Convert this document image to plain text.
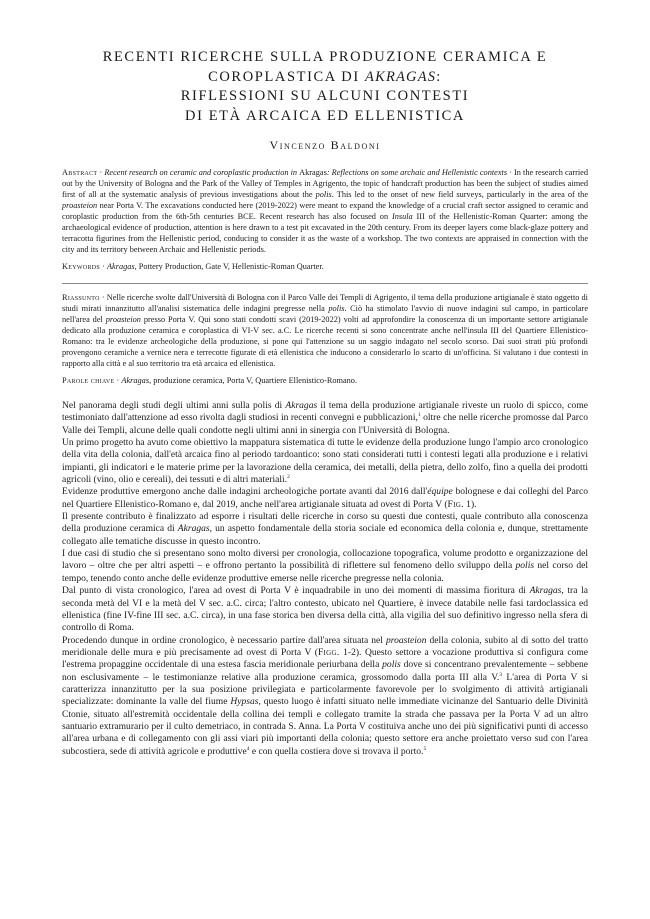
RECENTI RICERCHE SULLA PRODUZIONE CERAMICA E
COROPLASTICA DI AKRAGAS:
RIFLESSIONI SU ALCUNI CONTESTI
DI ETÀ ARCAICA ED ELLENISTICA
Vincenzo Baldoni

Abstract · Recent research on ceramic and coroplastic production in Akragas: Reflections on some archaic and Hellenistic contexts · In the research carried out by the University of Bologna and the Park of the Valley of Temples in Agrigento, the topic of handcraft production has been the subject of studies aimed first of all at the systematic analysis of previous investigations about the polis. This led to the onset of new field surveys, particularly in the area of the proasteion near Porta V. The excavations conducted here (2019-2022) were meant to expand the knowledge of a crucial craft sector assigned to ceramic and coroplastic production from the 6th-5th centuries BCE. Recent research has also focused on Insula III of the Hellenistic-Roman Quarter: among the archaeological evidence of production, attention is here drawn to a test pit excavated in the 20th century. From its deeper layers come black-glaze pottery and terracotta figurines from the Hellenistic period, conducing to consider it as the waste of a workshop. The two contexts are appraised in connection with the city and its territory between Archaic and Hellenistic periods.

Keywords · Akragas, Pottery Production, Gate V, Hellenistic-Roman Quarter.

Riassunto · Nelle ricerche svolte dall'Università di Bologna con il Parco Valle dei Templi di Agrigento, il tema della produzione artigianale è stato oggetto di studi mirati innanzitutto all'analisi sistematica delle indagini pregresse nella polis. Ciò ha stimolato l'avvio di nuove indagini sul campo, in particolare nell'area del proasteion presso Porta V. Qui sono stati condotti scavi (2019-2022) volti ad approfondire la conoscenza di un importante settore artigianale dedicato alla produzione ceramica e coroplastica di VI-V sec. a.C. Le ricerche recenti si sono concentrate anche nell'insula III del Quartiere Ellenistico-Romano: tra le evidenze archeologiche della produzione, si pone qui l'attenzione su un saggio indagato nel secolo scorso. Dai suoi strati più profondi provengono ceramiche a vernice nera e terrecotte figurate di età ellenistica che inducono a considerarlo lo scarto di un'officina. Si valutano i due contesti in rapporto alla città e al suo territorio tra età arcaica ed ellenistica.

Parole chiave · Akragas, produzione ceramica, Porta V, Quartiere Ellenistico-Romano.

Nel panorama degli studi degli ultimi anni sulla polis di Akragas il tema della produzione artigianale riveste un ruolo di spicco, come testimoniato dall'attenzione ad esso rivolta dagli studiosi in recenti convegni e pubblicazioni,$^1$ oltre che nelle ricerche promosse dal Parco Valle dei Templi, alcune delle quali condotte negli ultimi anni in sinergia con l'Università di Bologna.

Un primo progetto ha avuto come obiettivo la mappatura sistematica di tutte le evidenze della produzione lungo l'ampio arco cronologico della vita della colonia, dall'età arcaica fino al periodo tardoantico: sono stati considerati tutti i contesti legati alla produzione e i relativi impianti, gli indicatori e le materie prime per la lavorazione della ceramica, dei metalli, della pietra, dello zolfo, fino a quella dei prodotti agricoli (vino, olio e cereali), dei tessuti e di altri materiali.$^2$

Evidenze produttive emergono anche dalle indagini archeologiche portate avanti dal 2016 dall'équipe bolognese e dai colleghi del Parco nel Quartiere Ellenistico-Romano e, dal 2019, anche nell'area artigianale situata ad ovest di Porta V (Fig. 1).

Il presente contributo è finalizzato ad esporre i risultati delle ricerche in corso su questi due contesti, quale contributo alla conoscenza della produzione ceramica di Akragas, un aspetto fondamentale della storia sociale ed economica della colonia e, dunque, strettamente collegato alle tematiche discusse in questo incontro.

I due casi di studio che si presentano sono molto diversi per cronologia, collocazione topografica, volume prodotto e organizzazione del lavoro – oltre che per altri aspetti – e offrono pertanto la possibilità di riflettere sul fenomeno dello sviluppo della polis nel corso del tempo, tenendo conto anche delle evidenze produttive emerse nelle ricerche pregresse nella colonia.

Dal punto di vista cronologico, l'area ad ovest di Porta V è inquadrabile in uno dei momenti di massima fioritura di Akragas, tra la seconda metà del VI e la metà del V sec. a.C. circa; l'altro contesto, ubicato nel Quartiere, è invece databile nelle fasi tardoclassica ed ellenistica (fine IV-fine III sec. a.C. circa), in una fase storica ben diversa della città, alla vigilia del suo definitivo ingresso nella sfera di controllo di Roma.

Procedendo dunque in ordine cronologico, è necessario partire dall'area situata nel proasteion della colonia, subito al di sotto del tratto meridionale delle mura e più precisamente ad ovest di Porta V (Figg. 1-2). Questo settore a vocazione produttiva si configura come l'estrema propaggine occidentale di una estesa fascia meridionale periurbana della polis dove si concentrano prevalentemente – sebbene non esclusivamente – le testimonianze relative alla produzione ceramica, grossomodo dalla porta III alla V.$^3$ L'area di Porta V si caratterizza innanzitutto per la sua posizione privilegiata e particolarmente favorevole per lo svolgimento di attività artigianali specializzate: dominante la valle del fiume Hypsas, questo luogo è infatti situato nelle immediate vicinanze del Santuario delle Divinità Ctonie, situato all'estremità occidentale della collina dei templi e collegato tramite la strada che passava per la Porta V ad un altro santuario extramurario per il culto demetriaco, in contrada S. Anna. La Porta V costituiva anche uno dei più significativi punti di accesso all'area urbana e di collegamento con gli assi viari più importanti della colonia; questo settore era anche proiettato verso sud con l'area subcostiera, sede di attività agricole e produttive$^4$ e con quella costiera dove si trovava il porto.$^5$
